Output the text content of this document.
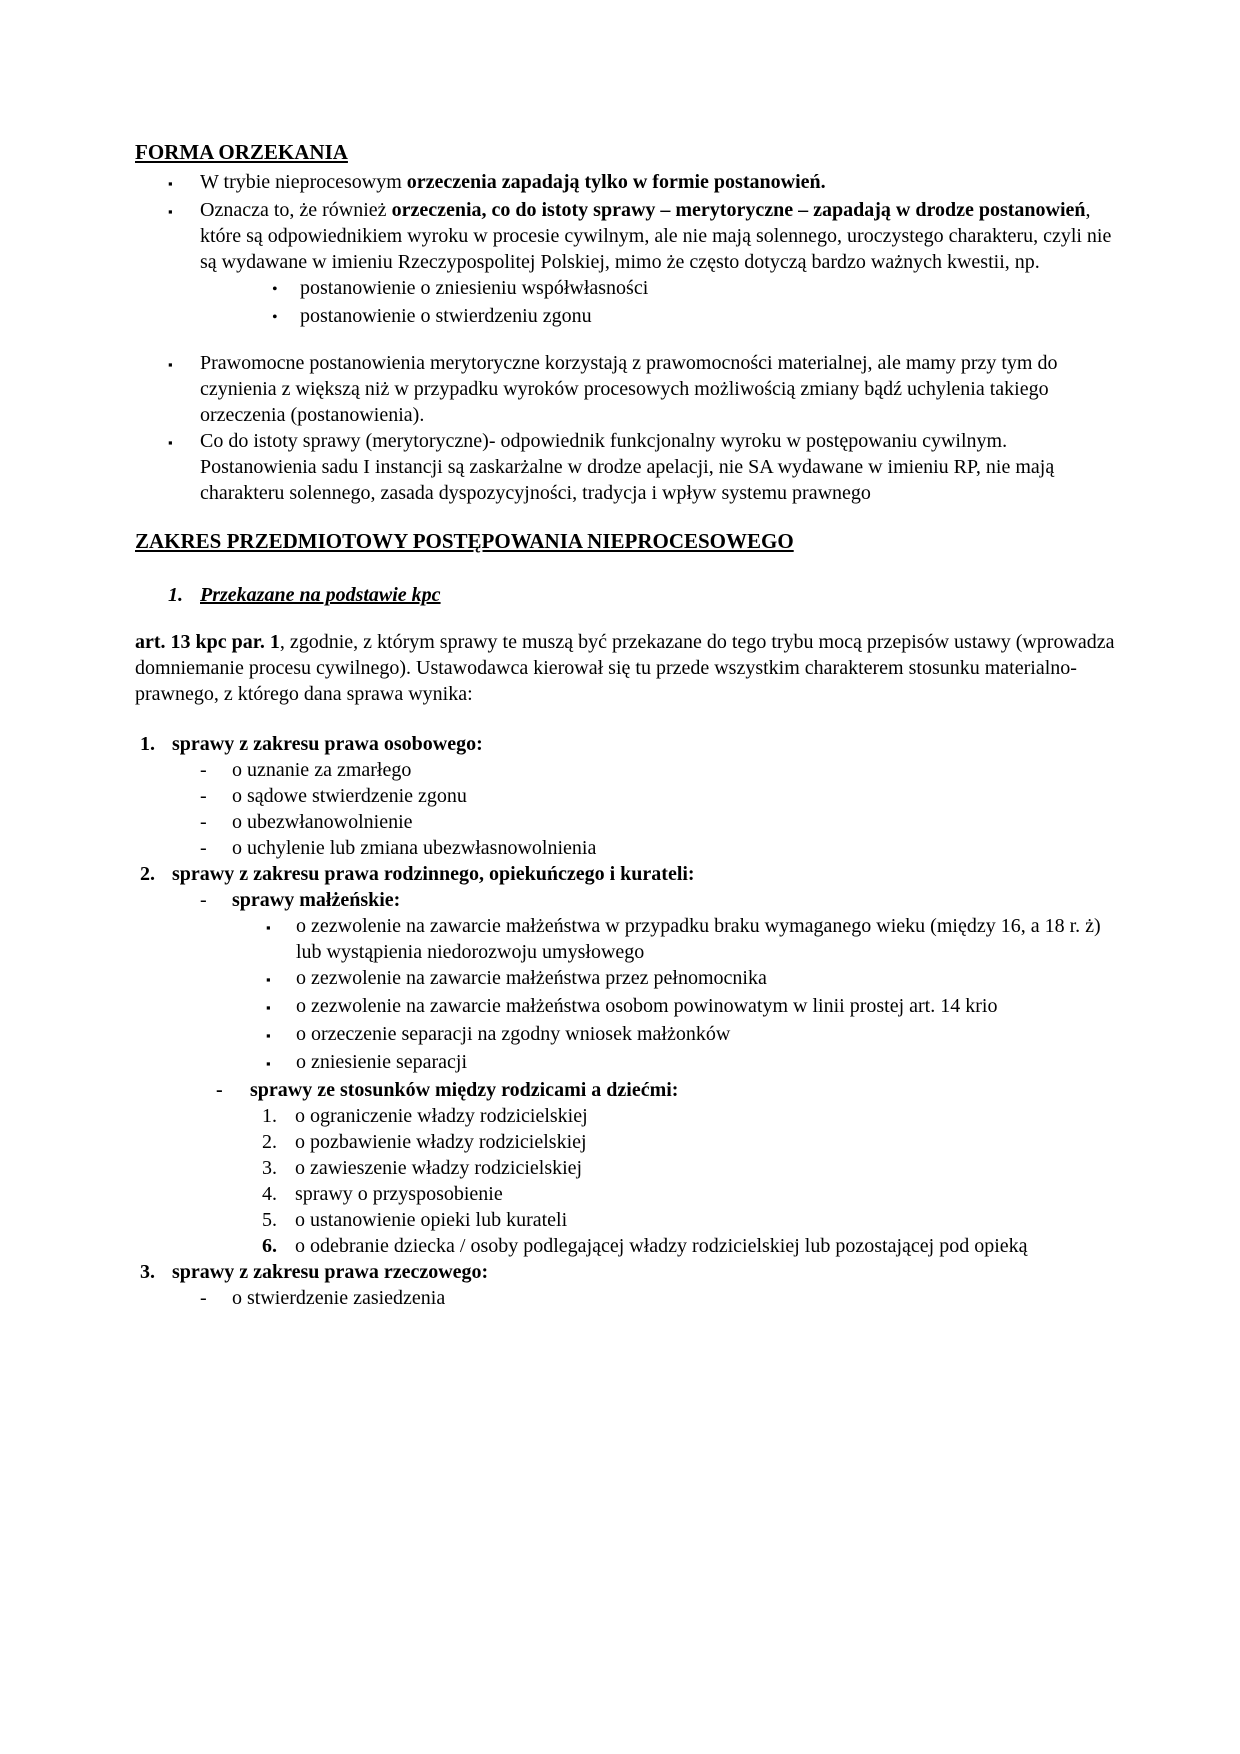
FORMA ORZEKANIA
▪	W trybie nieprocesowym orzeczenia zapadają tylko w formie postanowień.
▪	Oznacza to, że również orzeczenia, co do istoty sprawy – merytoryczne – zapadają w drodze postanowień, które są odpowiednikiem wyroku w procesie cywilnym, ale nie mają solennego, uroczystego charakteru, czyli nie są wydawane w imieniu Rzeczypospolitej Polskiej, mimo że często dotyczą bardzo ważnych kwestii, np.
•	postanowienie o zniesieniu współwłasności
•	postanowienie o stwierdzeniu zgonu
▪	Prawomocne postanowienia merytoryczne korzystają z prawomocności materialnej, ale mamy przy tym do czynienia z większą niż w przypadku wyroków procesowych możliwością zmiany bądź uchylenia takiego orzeczenia (postanowienia).
▪	Co do istoty sprawy (merytoryczne)- odpowiednik funkcjonalny wyroku w postępowaniu cywilnym. Postanowienia sadu I instancji są zaskarżalne w drodze apelacji, nie SA wydawane w imieniu RP, nie mają charakteru solennego, zasada dyspozycyjności, tradycja i wpływ systemu prawnego
ZAKRES PRZEDMIOTOWY POSTĘPOWANIA NIEPROCESOWEGO
1. Przekazane na podstawie kpc

art. 13 kpc par. 1, zgodnie, z którym sprawy te muszą być przekazane do tego trybu mocą przepisów ustawy (wprowadza domniemanie procesu cywilnego). Ustawodawca kierował się tu przede wszystkim charakterem stosunku materialno-prawnego, z którego dana sprawa wynika:

1. sprawy z zakresu prawa osobowego:
-	o uznanie za zmarłego
-	o sądowe stwierdzenie zgonu
-	o ubezwłanowolnienie
-	o uchylenie lub zmiana ubezwłasnowolnienia
2. sprawy z zakresu prawa rodzinnego, opiekuńczego i kurateli:
-	sprawy małżeńskie:
▪	o zezwolenie na zawarcie małżeństwa w przypadku braku wymaganego wieku (między 16, a 18 r. ż) lub wystąpienia niedorozwoju umysłowego
▪	o zezwolenie na zawarcie małżeństwa przez pełnomocnika
▪	o zezwolenie na zawarcie małżeństwa osobom powinowatym w linii prostej art. 14 krio
▪	o orzeczenie separacji na zgodny wniosek małżonków
▪	o zniesienie separacji
-	sprawy ze stosunków między rodzicami a dziećmi:
1. o ograniczenie władzy rodzicielskiej
2. o pozbawienie władzy rodzicielskiej
3. o zawieszenie władzy rodzicielskiej
4. sprawy o przysposobienie
5. o ustanowienie opieki lub kurateli
6. o odebranie dziecka / osoby podlegającej władzy rodzicielskiej lub pozostającej pod opieką
3. sprawy z zakresu prawa rzeczowego:
-	o stwierdzenie zasiedzenia
